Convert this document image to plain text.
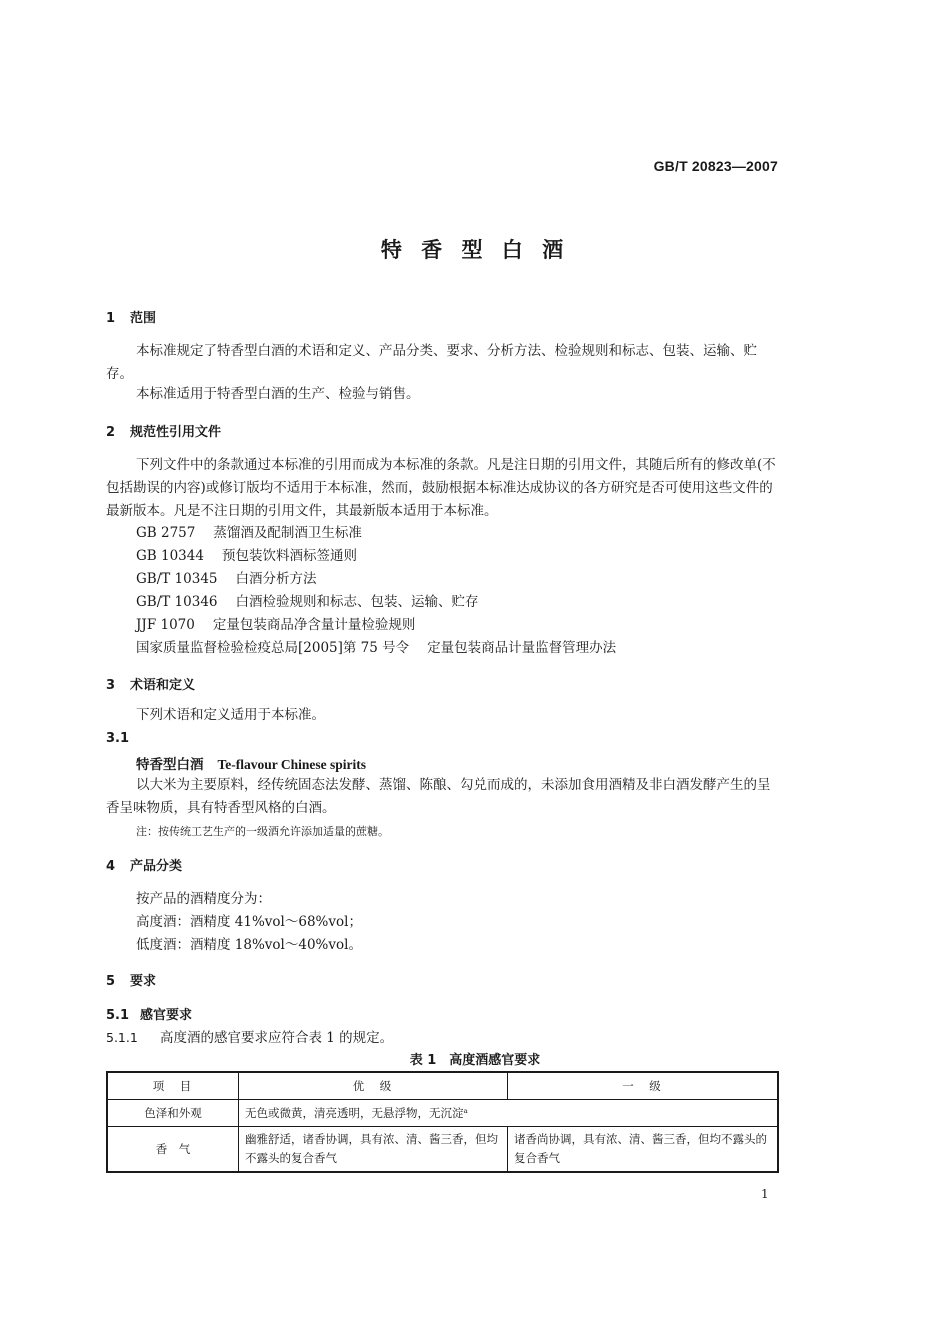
GB/T 20823—2007
特 香 型 白 酒
1 范围
本标准规定了特香型白酒的术语和定义、产品分类、要求、分析方法、检验规则和标志、包装、运输、贮存。
本标准适用于特香型白酒的生产、检验与销售。
2 规范性引用文件
下列文件中的条款通过本标准的引用而成为本标准的条款。凡是注日期的引用文件，其随后所有的修改单(不包括勘误的内容)或修订版均不适用于本标准，然而，鼓励根据本标准达成协议的各方研究是否可使用这些文件的最新版本。凡是不注日期的引用文件，其最新版本适用于本标准。
GB 2757 蒸馏酒及配制酒卫生标准
GB 10344 预包装饮料酒标签通则
GB/T 10345 白酒分析方法
GB/T 10346 白酒检验规则和标志、包装、运输、贮存
JJF 1070 定量包装商品净含量计量检验规则
国家质量监督检验检疫总局[2005]第 75 号令 定量包装商品计量监督管理办法
3 术语和定义
下列术语和定义适用于本标准。
3.1
特香型白酒 Te-flavour Chinese spirits
以大米为主要原料，经传统固态法发酵、蒸馏、陈酿、勾兑而成的，未添加食用酒精及非白酒发酵产生的呈香呈味物质，具有特香型风格的白酒。
注：按传统工艺生产的一级酒允许添加适量的蔗糖。
4 产品分类
按产品的酒精度分为：
高度酒：酒精度 41%vol～68%vol；
低度酒：酒精度 18%vol～40%vol。
5 要求
5.1 感官要求
5.1.1 高度酒的感官要求应符合表 1 的规定。
表 1　高度酒感官要求
项　目	优　级	一　级
色泽和外观	无色或微黄，清亮透明，无悬浮物，无沉淀ᵃ	
香　气	幽雅舒适，诸香协调，具有浓、清、酱三香，但均不露头的复合香气	诸香尚协调，具有浓、清、酱三香，但均不露头的复合香气
1
